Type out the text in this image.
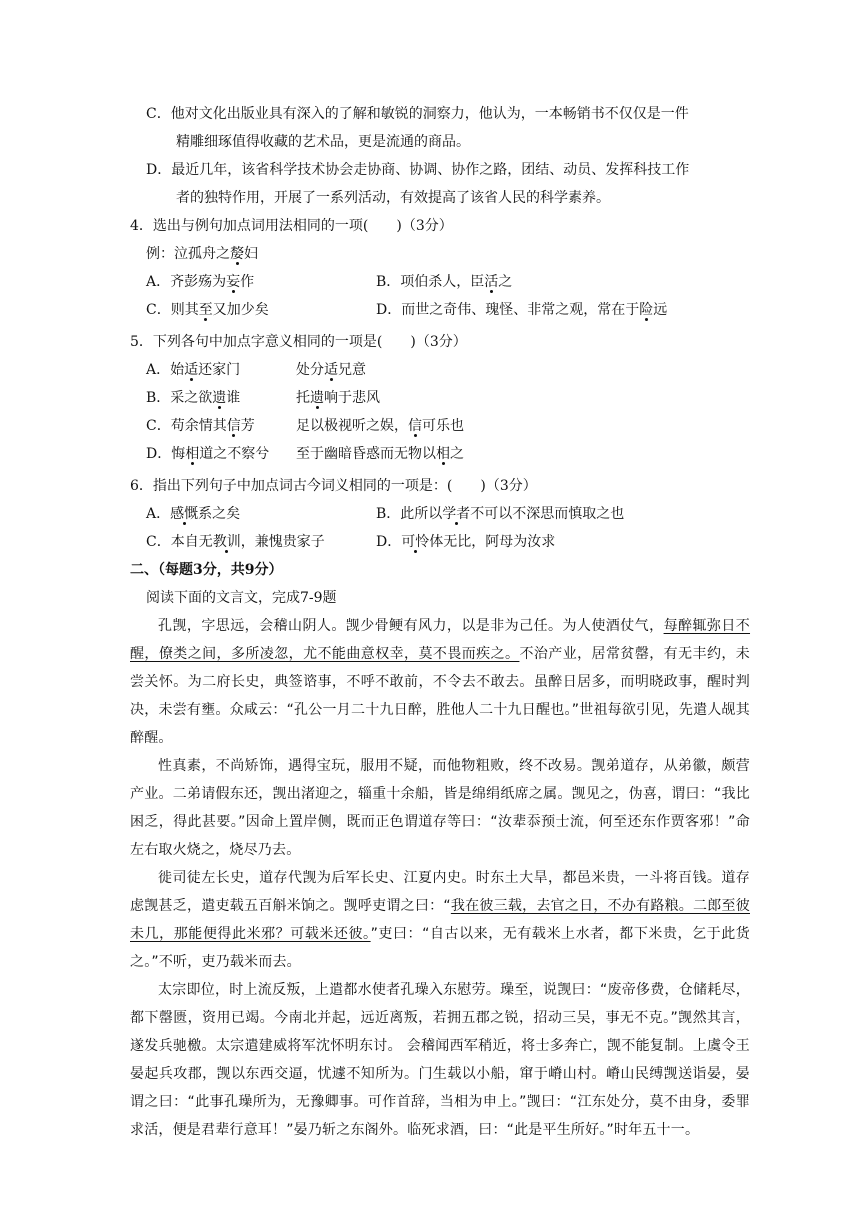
C．他对文化出版业具有深入的了解和敏锐的洞察力，他认为，一本畅销书不仅仅是一件
精雕细琢值得收藏的艺术品，更是流通的商品。
D．最近几年，该省科学技术协会走协商、协调、协作之路，团结、动员、发挥科技工作
者的独特作用，开展了一系列活动，有效提高了该省人民的科学素养。
4．选出与例句加点词用法相同的一项(　　)（3分）
例：泣孤舟之嫠妇
A．齐彭殇为妄作	B．项伯杀人，臣活之
C．则其至又加少矣	D．而世之奇伟、瑰怪、非常之观，常在于险远
5．下列各句中加点字意义相同的一项是(　　)（3分）
A．始适还家门	处分适兄意
B．采之欲遗谁	托遗响于悲风
C．苟余情其信芳	足以极视听之娱，信可乐也
D．悔相道之不察兮	至于幽暗昏惑而无物以相之
6．指出下列句子中加点词古今词义相同的一项是：(　　)（3分）
A．感慨系之矣	B．此所以学者不可以不深思而慎取之也
C．本自无教训，兼愧贵家子	D．可怜体无比，阿母为汝求
二、（每题3分，共9分）
阅读下面的文言文，完成7-9题

孔觊，字思远，会稽山阴人。觊少骨鲠有风力，以是非为己任。为人使酒仗气，每醉辄弥日不醒，僚类之间，多所凌忽，尤不能曲意权幸，莫不畏而疾之。不治产业，居常贫罄，有无丰约，未尝关怀。为二府长史，典签谘事，不呼不敢前，不令去不敢去。虽醉日居多，而明晓政事，醒时判决，未尝有壅。众咸云：“孔公一月二十九日醉，胜他人二十九日醒也。”世祖每欲引见，先遣人觇其醉醒。

性真素，不尚矫饰，遇得宝玩，服用不疑，而他物粗败，终不改易。觊弟道存，从弟徽，颇营产业。二弟请假东还，觊出渚迎之，辎重十余船，皆是绵绢纸席之属。觊见之，伪喜，谓曰：“我比困乏，得此甚要。”因命上置岸侧，既而正色谓道存等曰：“汝辈忝预士流，何至还东作贾客邪！”命左右取火烧之，烧尽乃去。

徙司徒左长史，道存代觊为后军长史、江夏内史。时东土大旱，都邑米贵，一斗将百钱。道存虑觊甚乏，遣吏载五百斛米饷之。觊呼吏谓之曰：“我在彼三载，去官之日，不办有路粮。二郎至彼未几，那能便得此米邪？可载米还彼。”吏曰：“自古以来，无有载米上水者，都下米贵，乞于此货之。”不听，吏乃载米而去。

太宗即位，时上流反叛，上遣都水使者孔璪入东慰劳。璪至，说觊曰：“废帝侈费，仓储耗尽，都下罄匮，资用已竭。今南北并起，远近离叛，若拥五郡之锐，招动三吴，事无不克。”觊然其言，遂发兵驰檄。太宗遣建威将军沈怀明东讨。 会稽闻西军稍近，将士多奔亡，觊不能复制。上虞令王晏起兵攻郡，觊以东西交逼，忧遽不知所为。门生载以小船，窜于嵴山村。嵴山民缚觊送诣晏，晏谓之曰：“此事孔璪所为，无豫卿事。可作首辞，当相为申上。”觊曰：“江东处分，莫不由身，委罪求活，便是君辈行意耳！”晏乃斩之东阁外。临死求酒，曰：“此是平生所好。”时年五十一。
